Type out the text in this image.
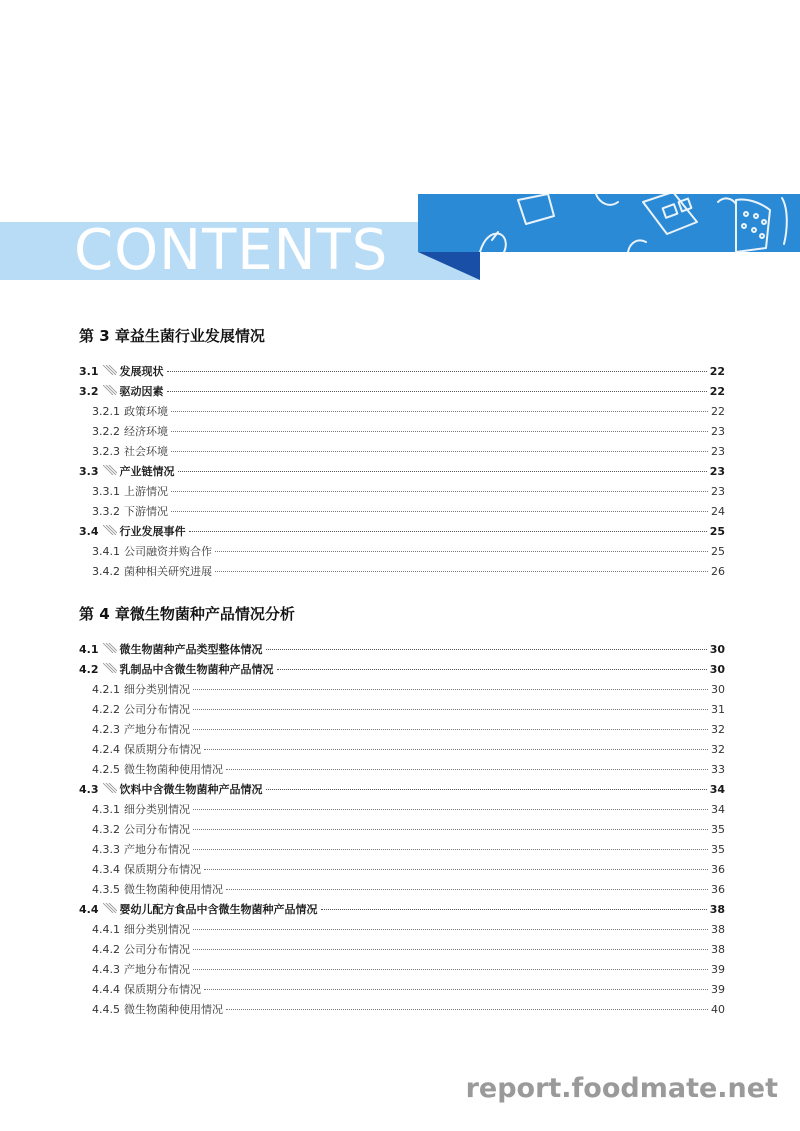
CONTENTS
第 3 章益生菌行业发展情况
3.1 发展现状	22
3.2 驱动因素	22
3.2.1 政策环境	22
3.2.2 经济环境	23
3.2.3 社会环境	23
3.3 产业链情况	23
3.3.1 上游情况	23
3.3.2 下游情况	24
3.4 行业发展事件	25
3.4.1 公司融资并购合作	25
3.4.2 菌种相关研究进展	26
第 4 章微生物菌种产品情况分析
4.1 微生物菌种产品类型整体情况	30
4.2 乳制品中含微生物菌种产品情况	30
4.2.1 细分类别情况	30
4.2.2 公司分布情况	31
4.2.3 产地分布情况	32
4.2.4 保质期分布情况	32
4.2.5 微生物菌种使用情况	33
4.3 饮料中含微生物菌种产品情况	34
4.3.1 细分类别情况	34
4.3.2 公司分布情况	35
4.3.3 产地分布情况	35
4.3.4 保质期分布情况	36
4.3.5 微生物菌种使用情况	36
4.4 婴幼儿配方食品中含微生物菌种产品情况	38
4.4.1 细分类别情况	38
4.4.2 公司分布情况	38
4.4.3 产地分布情况	39
4.4.4 保质期分布情况	39
4.4.5 微生物菌种使用情况	40
report.foodmate.net
